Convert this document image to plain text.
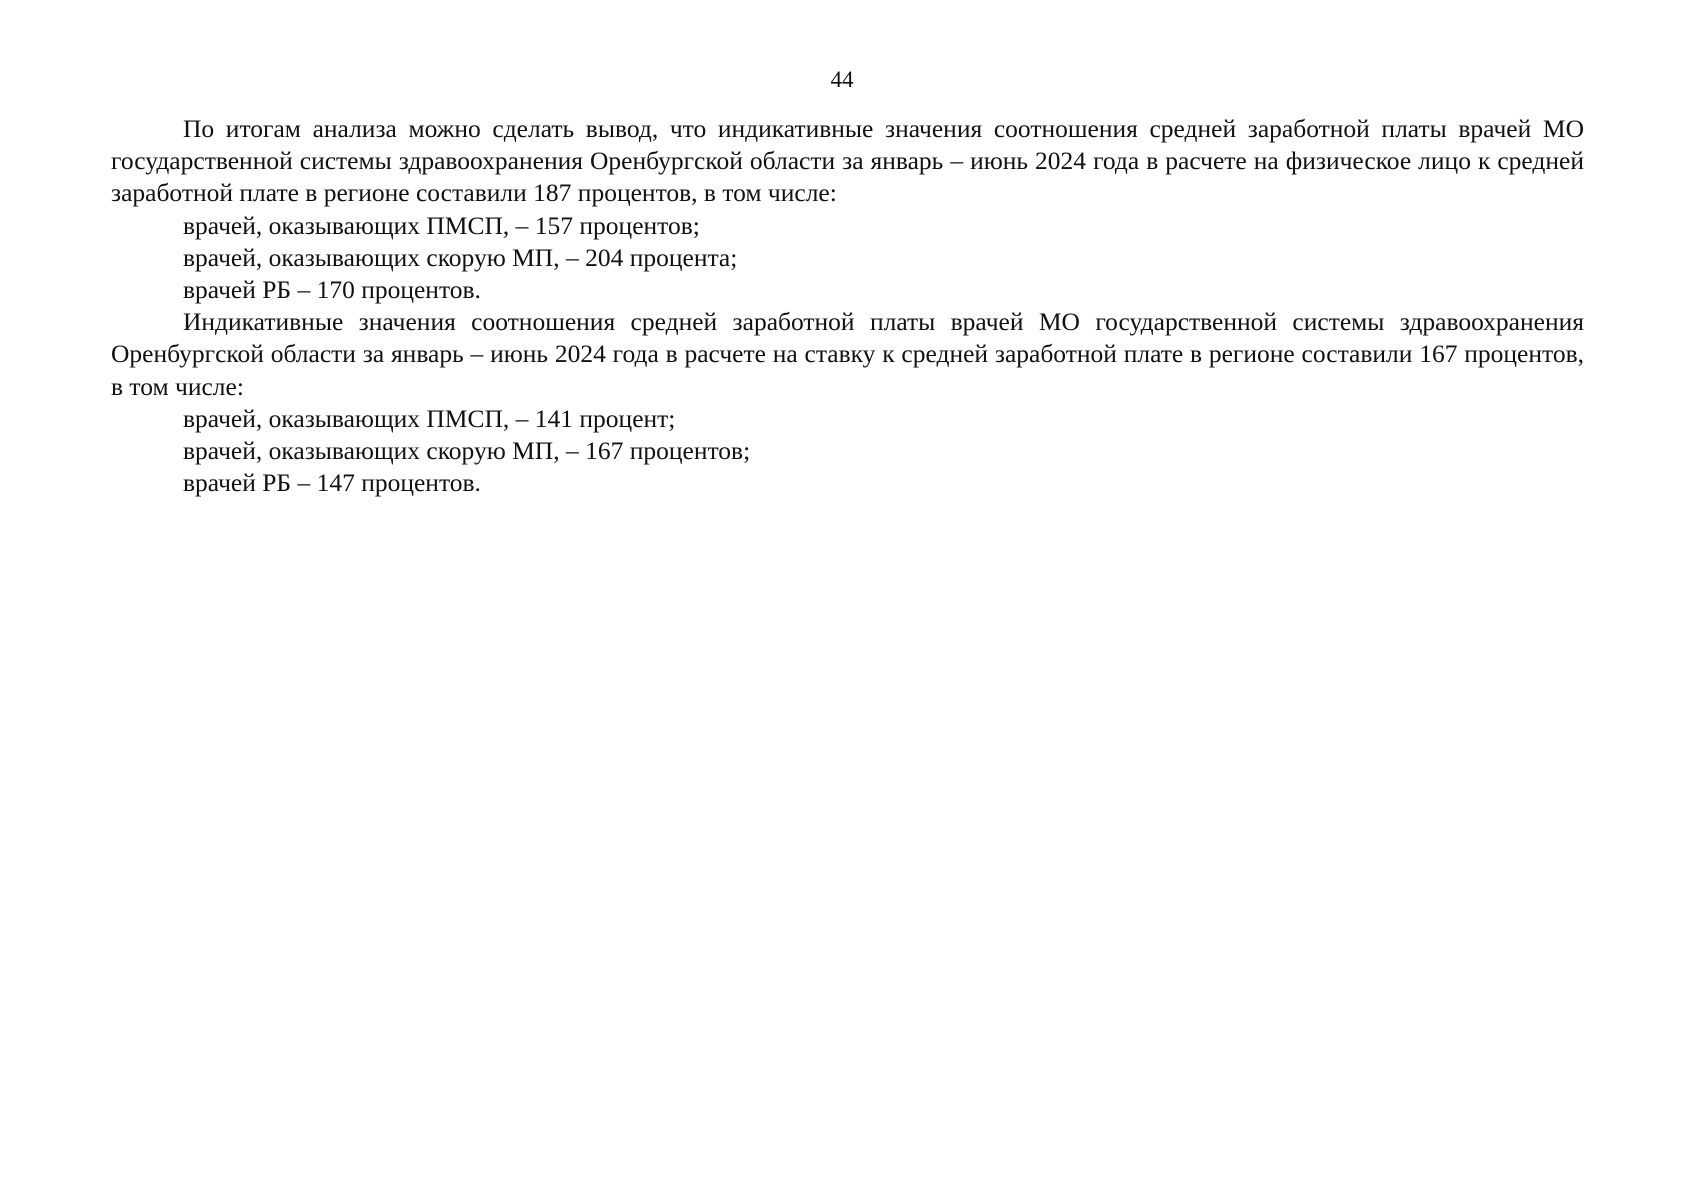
44

По итогам анализа можно сделать вывод, что индикативные значения соотношения средней заработной платы врачей МО государственной системы здравоохранения Оренбургской области за январь – июнь 2024 года в расчете на физическое лицо к средней заработной плате в регионе составили 187 процентов, в том числе:

врачей, оказывающих ПМСП, – 157 процентов;

врачей, оказывающих скорую МП, – 204 процента;

врачей РБ – 170 процентов.

Индикативные значения соотношения средней заработной платы врачей МО государственной системы здравоохранения Оренбургской области за январь – июнь 2024 года в расчете на ставку к средней заработной плате в регионе составили 167 процентов, в том числе:

врачей, оказывающих ПМСП, – 141 процент;

врачей, оказывающих скорую МП, – 167 процентов;

врачей РБ – 147 процентов.
